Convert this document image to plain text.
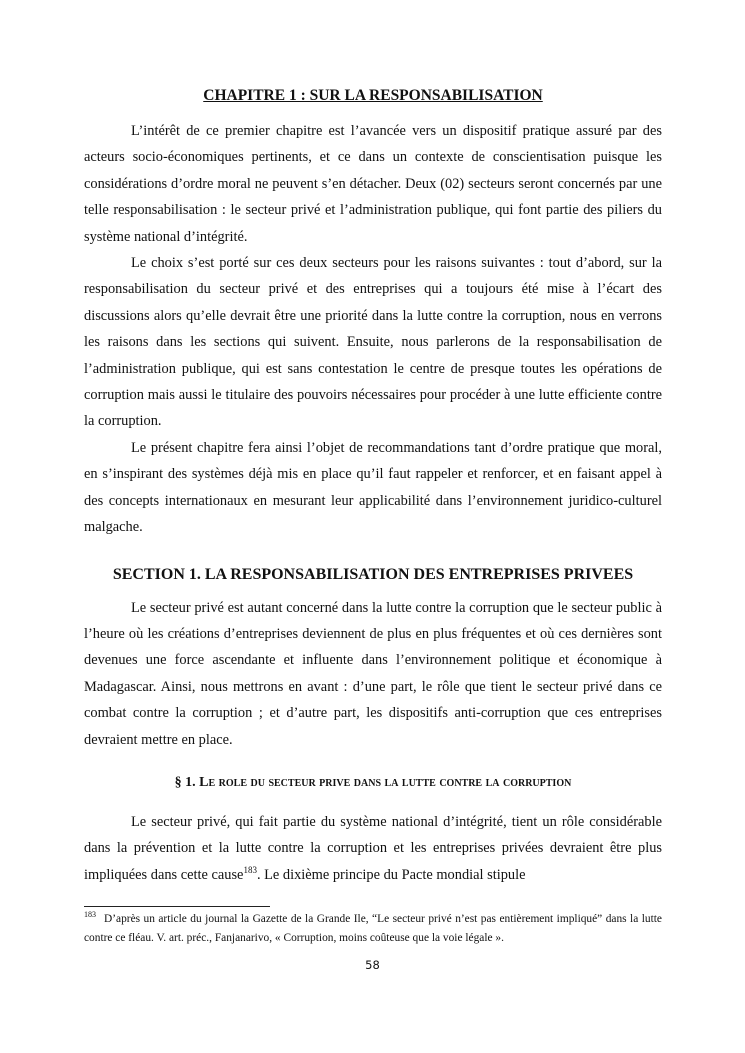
CHAPITRE 1 : SUR LA RESPONSABILISATION

L’intérêt de ce premier chapitre est l’avancée vers un dispositif pratique assuré par des acteurs socio-économiques pertinents, et ce dans un contexte de conscientisation puisque les considérations d’ordre moral ne peuvent s’en détacher. Deux (02) secteurs seront concernés par une telle responsabilisation : le secteur privé et l’administration publique, qui font partie des piliers du système national d’intégrité.

Le choix s’est porté sur ces deux secteurs pour les raisons suivantes : tout d’abord, sur la responsabilisation du secteur privé et des entreprises qui a toujours été mise à l’écart des discussions alors qu’elle devrait être une priorité dans la lutte contre la corruption, nous en verrons les raisons dans les sections qui suivent. Ensuite, nous parlerons de la responsabilisation de l’administration publique, qui est sans contestation le centre de presque toutes les opérations de corruption mais aussi le titulaire des pouvoirs nécessaires pour procéder à une lutte efficiente contre la corruption.

Le présent chapitre fera ainsi l’objet de recommandations tant d’ordre pratique que moral, en s’inspirant des systèmes déjà mis en place qu’il faut rappeler et renforcer, et en faisant appel à des concepts internationaux en mesurant leur applicabilité dans l’environnement juridico-culturel malgache.

SECTION 1. LA RESPONSABILISATION DES ENTREPRISES PRIVEES

Le secteur privé est autant concerné dans la lutte contre la corruption que le secteur public à l’heure où les créations d’entreprises deviennent de plus en plus fréquentes et où ces dernières sont devenues une force ascendante et influente dans l’environnement politique et économique à Madagascar. Ainsi, nous mettrons en avant : d’une part, le rôle que tient le secteur privé dans ce combat contre la corruption ; et d’autre part, les dispositifs anti-corruption que ces entreprises devraient mettre en place.

§ 1. Le role du secteur prive dans la lutte contre la corruption

Le secteur privé, qui fait partie du système national d’intégrité, tient un rôle considérable dans la prévention et la lutte contre la corruption et les entreprises privées devraient être plus impliquées dans cette cause$^{183}$. Le dixième principe du Pacte mondial stipule

$^{183}$ D’après un article du journal la Gazette de la Grande Ile, “Le secteur privé n’est pas entièrement impliqué” dans la lutte contre ce fléau. V. art. préc., Fanjanarivo, « Corruption, moins coûteuse que la voie légale ».
58
